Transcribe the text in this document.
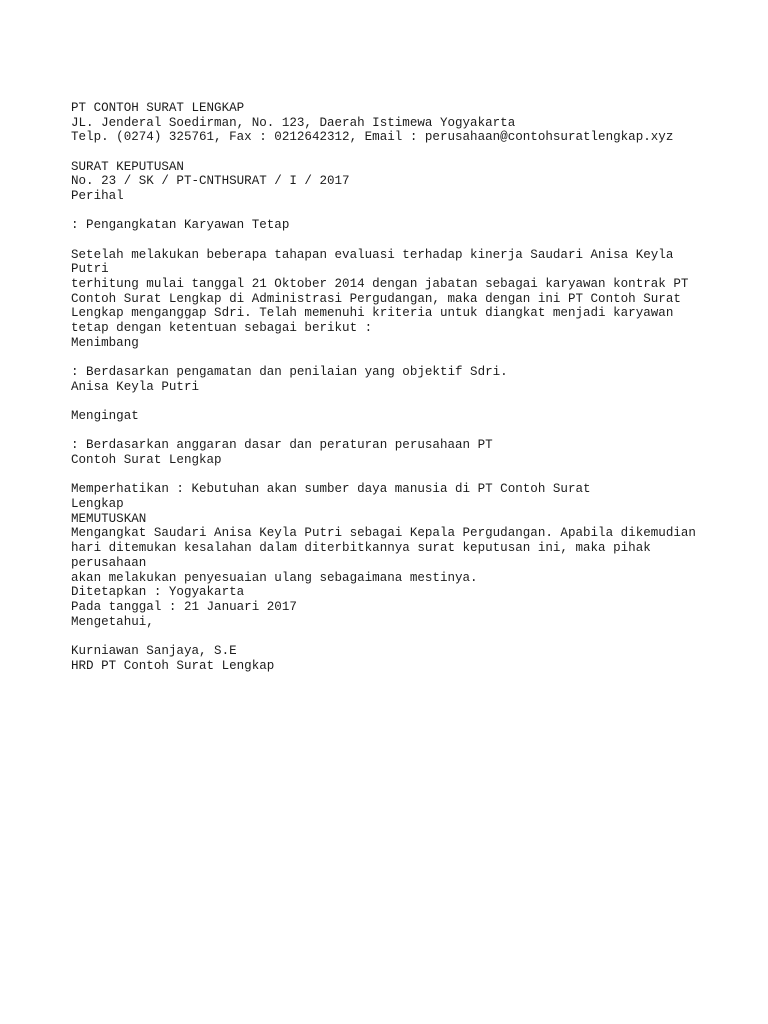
PT CONTOH SURAT LENGKAP
JL. Jenderal Soedirman, No. 123, Daerah Istimewa Yogyakarta
Telp. (0274) 325761, Fax : 0212642312, Email : perusahaan@contohsuratlengkap.xyz
SURAT KEPUTUSAN
No. 23 / SK / PT-CNTHSURAT / I / 2017
Perihal
: Pengangkatan Karyawan Tetap
Setelah melakukan beberapa tahapan evaluasi terhadap kinerja Saudari Anisa Keyla
Putri
terhitung mulai tanggal 21 Oktober 2014 dengan jabatan sebagai karyawan kontrak PT
Contoh Surat Lengkap di Administrasi Pergudangan, maka dengan ini PT Contoh Surat
Lengkap menganggap Sdri. Telah memenuhi kriteria untuk diangkat menjadi karyawan
tetap dengan ketentuan sebagai berikut :
Menimbang
: Berdasarkan pengamatan dan penilaian yang objektif Sdri.
Anisa Keyla Putri
Mengingat
: Berdasarkan anggaran dasar dan peraturan perusahaan PT
Contoh Surat Lengkap
Memperhatikan : Kebutuhan akan sumber daya manusia di PT Contoh Surat
Lengkap
MEMUTUSKAN
Mengangkat Saudari Anisa Keyla Putri sebagai Kepala Pergudangan. Apabila dikemudian
hari ditemukan kesalahan dalam diterbitkannya surat keputusan ini, maka pihak
perusahaan
akan melakukan penyesuaian ulang sebagaimana mestinya.
Ditetapkan : Yogyakarta
Pada tanggal : 21 Januari 2017
Mengetahui,
Kurniawan Sanjaya, S.E
HRD PT Contoh Surat Lengkap
